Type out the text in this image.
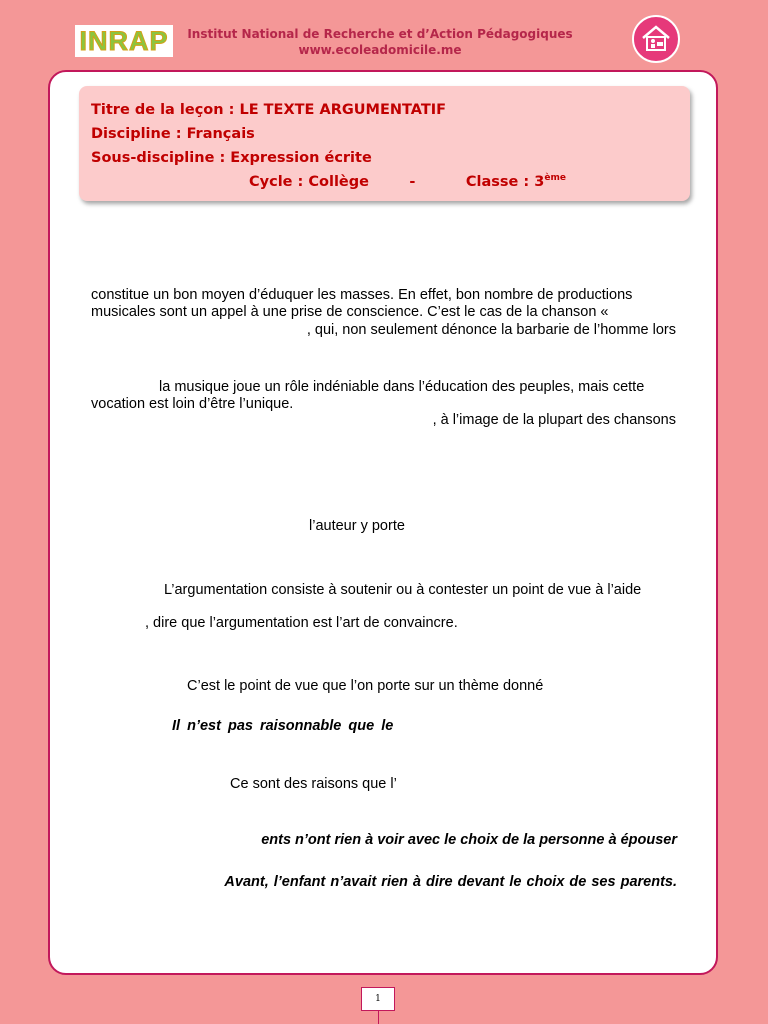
INRAP	Institut National de Recherche et d’Action Pédagogiques
www.ecoleadomicile.me
Titre de la leçon : LE TEXTE ARGUMENTATIF
Discipline : Français
Sous-discipline : Expression écrite
Cycle : Collège	-	Classe : 3ème
constitue un bon moyen d’éduquer les masses. En effet, bon nombre de productions
musicales sont un appel à une prise de conscience. C’est le cas de la chanson «
, qui, non seulement dénonce la barbarie de l’homme lors
la musique joue un rôle indéniable dans l’éducation des peuples, mais cette
vocation est loin d’être l’unique.
, à l’image de la plupart des chansons
l’auteur y porte
L’argumentation consiste à soutenir ou à contester un point de vue à l’aide
, dire que l’argumentation est l’art de convaincre.
C’est le point de vue que l’on porte sur un thème donné
Il n’est pas raisonnable que le
Ce sont des raisons que l’
ents n’ont rien à voir avec le choix de la personne à épouser
Avant, l’enfant n’avait rien à dire devant le choix de ses parents.
1
